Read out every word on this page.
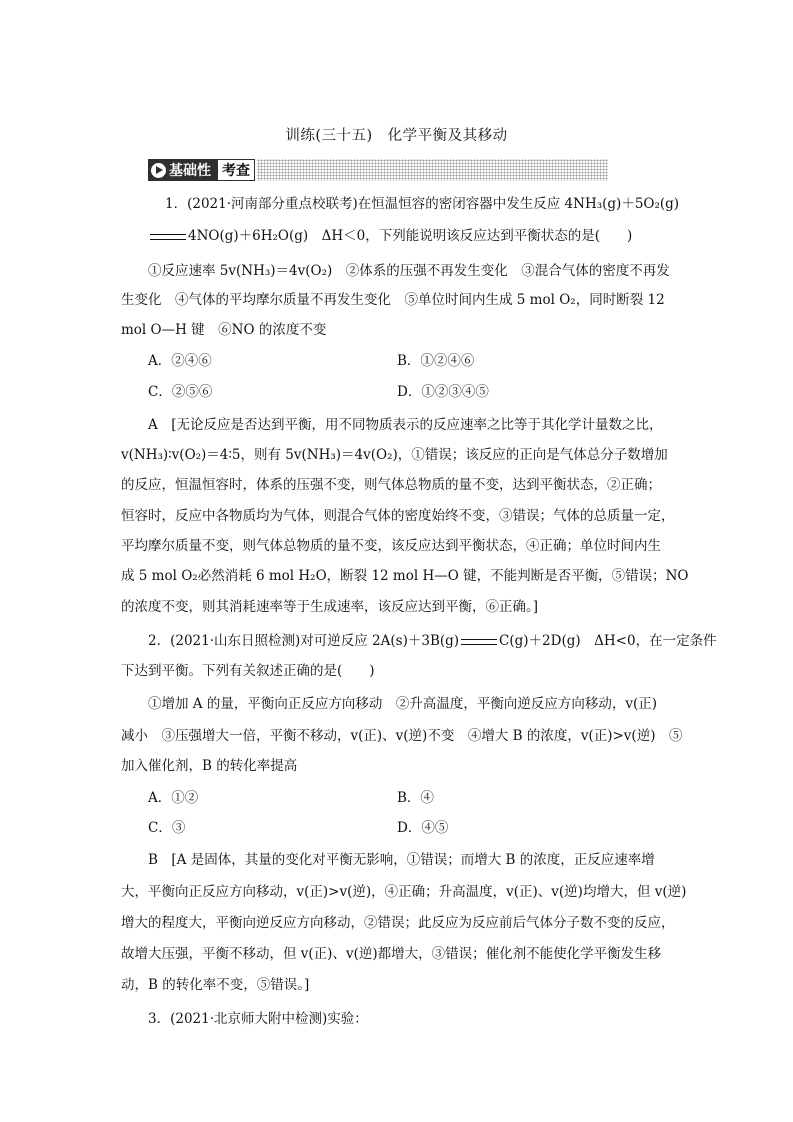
训练(三十五)　化学平衡及其移动
基础性 考查
1．(2021·河南部分重点校联考)在恒温恒容的密闭容器中发生反应 4NH₃(g)＋5O₂(g)
4NO(g)＋6H₂O(g)　ΔH＜0，下列能说明该反应达到平衡状态的是(　　)
①反应速率 5v(NH₃)＝4v(O₂)　②体系的压强不再发生变化　③混合气体的密度不再发
生变化　④气体的平均摩尔质量不再发生变化　⑤单位时间内生成 5 mol O₂，同时断裂 12
mol O—H 键　⑥NO 的浓度不变
A．②④⑥	B．①②④⑥
C．②⑤⑥	D．①②③④⑤
A　[无论反应是否达到平衡，用不同物质表示的反应速率之比等于其化学计量数之比，
v(NH₃)∶v(O₂)＝4∶5，则有 5v(NH₃)＝4v(O₂)，①错误；该反应的正向是气体总分子数增加
的反应，恒温恒容时，体系的压强不变，则气体总物质的量不变，达到平衡状态，②正确；
恒容时，反应中各物质均为气体，则混合气体的密度始终不变，③错误；气体的总质量一定，
平均摩尔质量不变，则气体总物质的量不变，该反应达到平衡状态，④正确；单位时间内生
成 5 mol O₂必然消耗 6 mol H₂O，断裂 12 mol H—O 键，不能判断是否平衡，⑤错误；NO
的浓度不变，则其消耗速率等于生成速率，该反应达到平衡，⑥正确。]
2．(2021·山东日照检测)对可逆反应 2A(s)＋3B(g)	C(g)＋2D(g)　ΔH<0，在一定条件
下达到平衡。下列有关叙述正确的是(　　)
①增加 A 的量，平衡向正反应方向移动　②升高温度，平衡向逆反应方向移动，v(正)
减小　③压强增大一倍，平衡不移动，v(正)、v(逆)不变　④增大 B 的浓度，v(正)>v(逆)　⑤
加入催化剂，B 的转化率提高
A．①②	B．④
C．③	D．④⑤
B　[A 是固体，其量的变化对平衡无影响，①错误；而增大 B 的浓度，正反应速率增
大，平衡向正反应方向移动，v(正)>v(逆)，④正确；升高温度，v(正)、v(逆)均增大，但 v(逆)
增大的程度大，平衡向逆反应方向移动，②错误；此反应为反应前后气体分子数不变的反应，
故增大压强，平衡不移动，但 v(正)、v(逆)都增大，③错误；催化剂不能使化学平衡发生移
动，B 的转化率不变，⑤错误。]
3．(2021·北京师大附中检测)实验：
